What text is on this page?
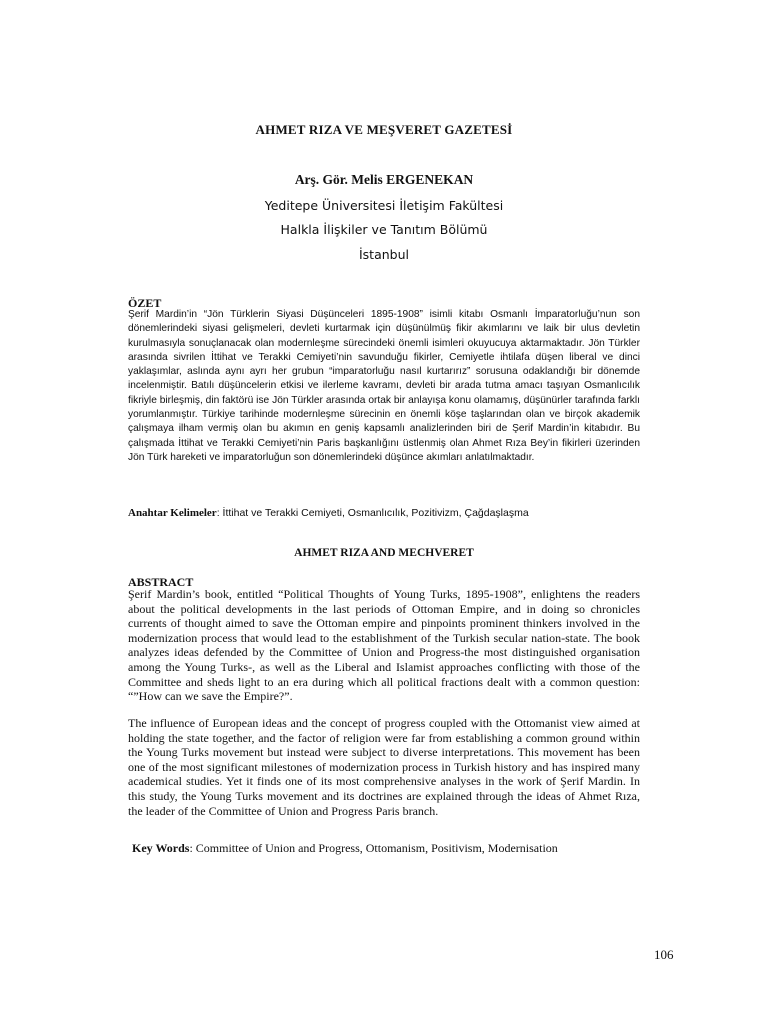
AHMET RIZA VE MEŞVERET GAZETESİ
Arş. Gör. Melis ERGENEKAN
Yeditepe Üniversitesi İletişim Fakültesi
Halkla İlişkiler ve Tanıtım Bölümü
İstanbul
ÖZET
Şerif Mardin’in “Jön Türklerin Siyasi Düşünceleri 1895-1908” isimli kitabı Osmanlı İmparatorluğu’nun son dönemlerindeki siyasi gelişmeleri, devleti kurtarmak için düşünülmüş fikir akımlarını ve laik bir ulus devletin kurulmasıyla sonuçlanacak olan modernleşme sürecindeki önemli isimleri okuyucuya aktarmaktadır. Jön Türkler arasında sivrilen İttihat ve Terakki Cemiyeti’nin savunduğu fikirler, Cemiyetle ihtilafa düşen liberal ve dinci yaklaşımlar, aslında aynı ayrı her grubun “imparatorluğu nasıl kurtarırız” sorusuna odaklandığı bir dönemde incelenmiştir. Batılı düşüncelerin etkisi ve ilerleme kavramı, devleti bir arada tutma amacı taşıyan Osmanlıcılık fikriyle birleşmiş, din faktörü ise Jön Türkler arasında ortak bir anlayışa konu olamamış, düşünürler tarafında farklı yorumlanmıştır. Türkiye tarihinde modernleşme sürecinin en önemli köşe taşlarından olan ve birçok akademik çalışmaya ilham vermiş olan bu akımın en geniş kapsamlı analizlerinden biri de Şerif Mardin’in kitabıdır. Bu çalışmada İttihat ve Terakki Cemiyeti’nin Paris başkanlığını üstlenmiş olan Ahmet Rıza Bey’in fikirleri üzerinden Jön Türk hareketi ve imparatorluğun son dönemlerindeki düşünce akımları anlatılmaktadır.
Anahtar Kelimeler: İttihat ve Terakki Cemiyeti, Osmanlıcılık, Pozitivizm, Çağdaşlaşma
AHMET RIZA AND MECHVERET
ABSTRACT
Şerif Mardin’s book, entitled “Political Thoughts of Young Turks, 1895-1908”, enlightens the readers about the political developments in the last periods of Ottoman Empire, and in doing so chronicles currents of thought aimed to save the Ottoman empire and pinpoints prominent thinkers involved in the modernization process that would lead to the establishment of the Turkish secular nation-state. The book analyzes ideas defended by the Committee of Union and Progress-the most distinguished organisation among the Young Turks-, as well as the Liberal and Islamist approaches conflicting with those of the Committee and sheds light to an era during which all political fractions dealt with a common question: “”How can we save the Empire?”.
The influence of European ideas and the concept of progress coupled with the Ottomanist view aimed at holding the state together, and the factor of religion were far from establishing a common ground within the Young Turks movement but instead were subject to diverse interpretations. This movement has been one of the most significant milestones of modernization process in Turkish history and has inspired many academical studies. Yet it finds one of its most comprehensive analyses in the work of Şerif Mardin. In this study, the Young Turks movement and its doctrines are explained through the ideas of Ahmet Rıza, the leader of the Committee of Union and Progress Paris branch.
Key Words: Committee of Union and Progress, Ottomanism, Positivism, Modernisation
106
